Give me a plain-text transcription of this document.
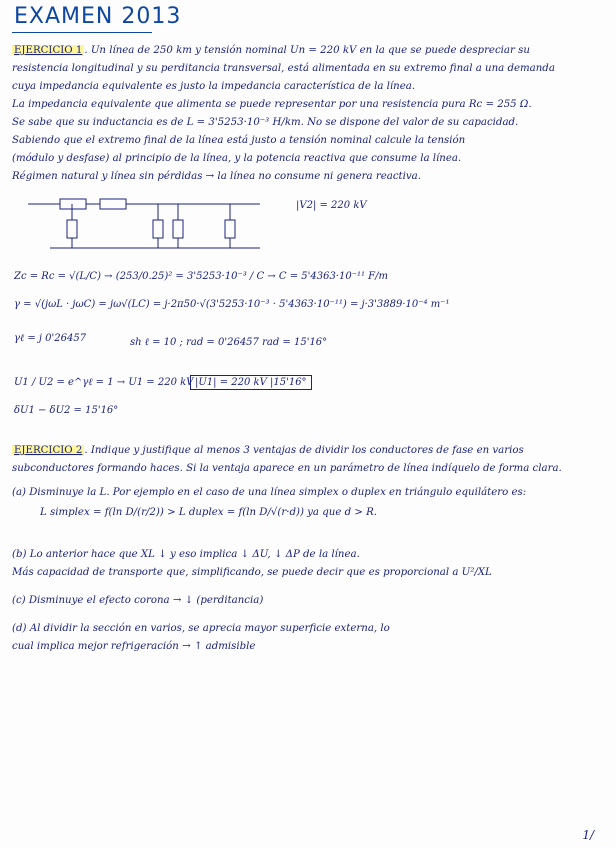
EXAMEN 2013
EJERCICIO 1 . Un línea de 250 km y tensión nominal Un = 220 kV en la que se puede despreciar su
resistencia longitudinal y su perditancia transversal, está alimentada en su extremo final a una demanda
cuya impedancia equivalente es justo la impedancia característica de la línea.
La impedancia equivalente que alimenta se puede representar por una resistencia pura Rc = 255 Ω.
Se sabe que su inductancia es de L = 3'5253·10⁻³ H/km. No se dispone del valor de su capacidad.
Sabiendo que el extremo final de la línea está justo a tensión nominal calcule la tensión
(módulo y desfase) al principio de la línea, y la potencia reactiva que consume la línea.
Régimen natural y línea sin pérdidas → la línea no consume ni genera reactiva.
|V2| = 220 kV
Zc = Rc = √(L/C) → (253/0.25)² = 3'5253·10⁻³ / C → C = 5'4363·10⁻¹¹ F/m
γ = √(jωL · jωC) = jω√(LC) = j·2π50·√(3'5253·10⁻³ · 5'4363·10⁻¹¹) = j·3'3889·10⁻⁴ m⁻¹
γℓ = j 0'26457	sh ℓ = 10 ; rad = 0'26457 rad = 15'16°
U1 / U2 = e^γℓ = 1 → U1 = 220 kV |U1| = 220 kV |15'16°
δU1 − δU2 = 15'16°
EJERCICIO 2 . Indique y justifique al menos 3 ventajas de dividir los conductores de fase en varios
subconductores formando haces. Si la ventaja aparece en un parámetro de línea indíquelo de forma clara.
(a) Disminuye la L. Por ejemplo en el caso de una línea simplex o duplex en triángulo equilátero es:
L simplex = f(ln D/(r/2)) > L duplex = f(ln D/√(r·d)) ya que d > R.
(b) Lo anterior hace que XL ↓ y eso implica ↓ ΔU, ↓ ΔP de la línea.
Más capacidad de transporte que, simplificando, se puede decir que es proporcional a U²/XL
(c) Disminuye el efecto corona → ↓ (perditancia)
(d) Al dividir la sección en varios, se aprecia mayor superficie externa, lo
cual implica mejor refrigeración → ↑ admisible
1/
